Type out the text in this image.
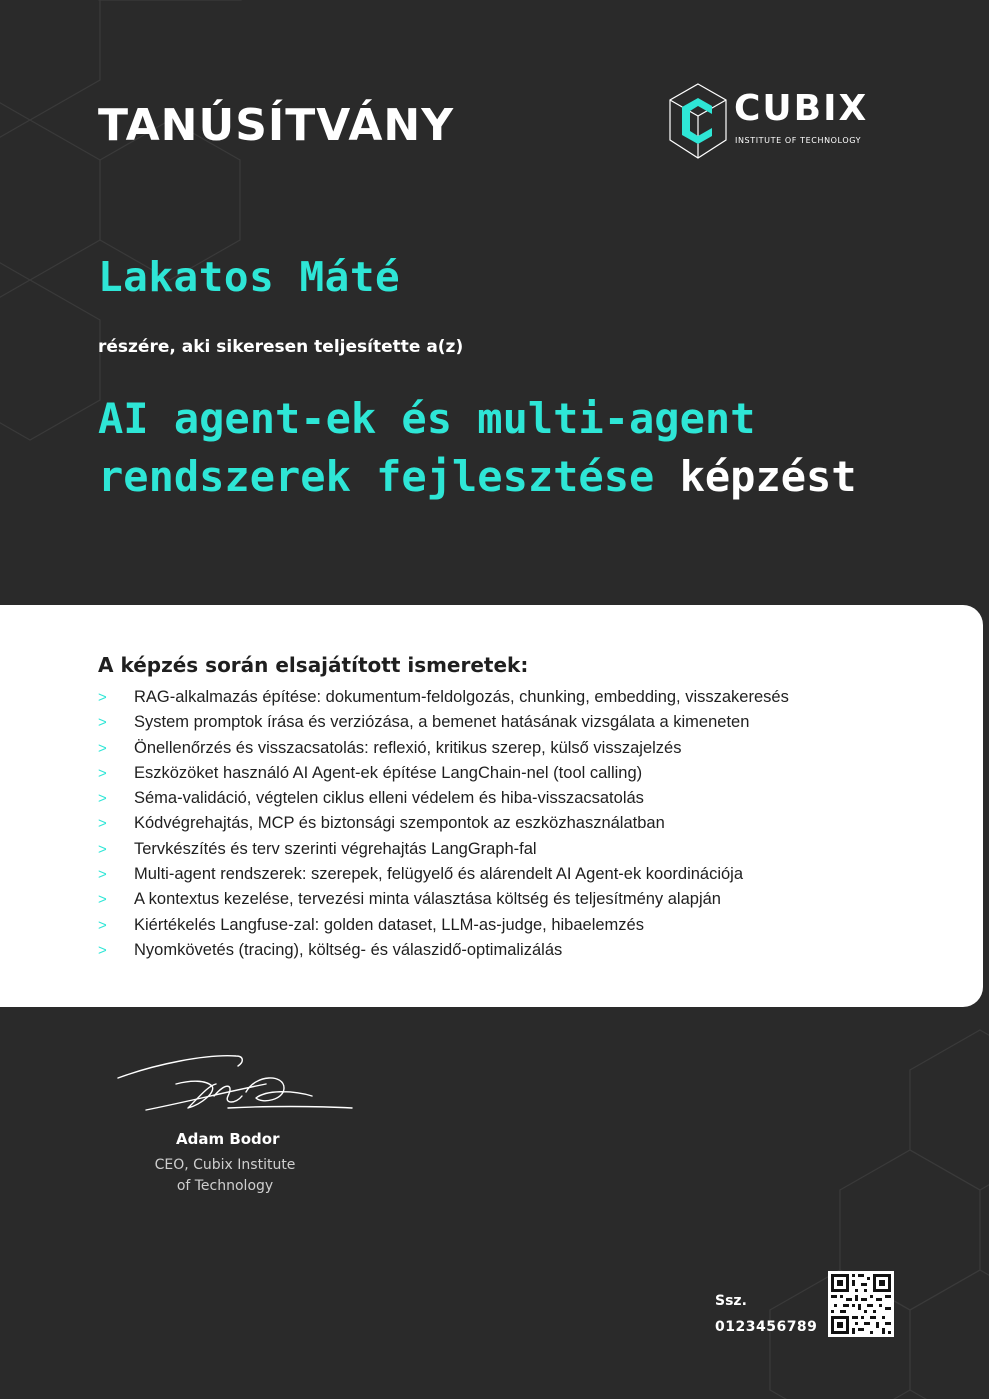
TANÚSÍTVÁNY	CUBIX
INSTITUTE OF TECHNOLOGY
Lakatos Máté
részére, aki sikeresen teljesítette a(z)
AI agent-ek és multi-agent rendszerek fejlesztése képzést
A képzés során elsajátított ismeretek:
> RAG-alkalmazás építése: dokumentum-feldolgozás, chunking, embedding, visszakeresés
> System promptok írása és verziózása, a bemenet hatásának vizsgálata a kimeneten
> Önellenőrzés és visszacsatolás: reflexió, kritikus szerep, külső visszajelzés
> Eszközöket használó AI Agent-ek építése LangChain-nel (tool calling)
> Séma-validáció, végtelen ciklus elleni védelem és hiba-visszacsatolás
> Kódvégrehajtás, MCP és biztonsági szempontok az eszközhasználatban
> Tervkészítés és terv szerinti végrehajtás LangGraph-fal
> Multi-agent rendszerek: szerepek, felügyelő és alárendelt AI Agent-ek koordinációja
> A kontextus kezelése, tervezési minta választása költség és teljesítmény alapján
> Kiértékelés Langfuse-zal: golden dataset, LLM-as-judge, hibaelemzés
> Nyomkövetés (tracing), költség- és válaszidő-optimalizálás
Adam Bodor
CEO, Cubix Institute
of Technology
Ssz.
0123456789
